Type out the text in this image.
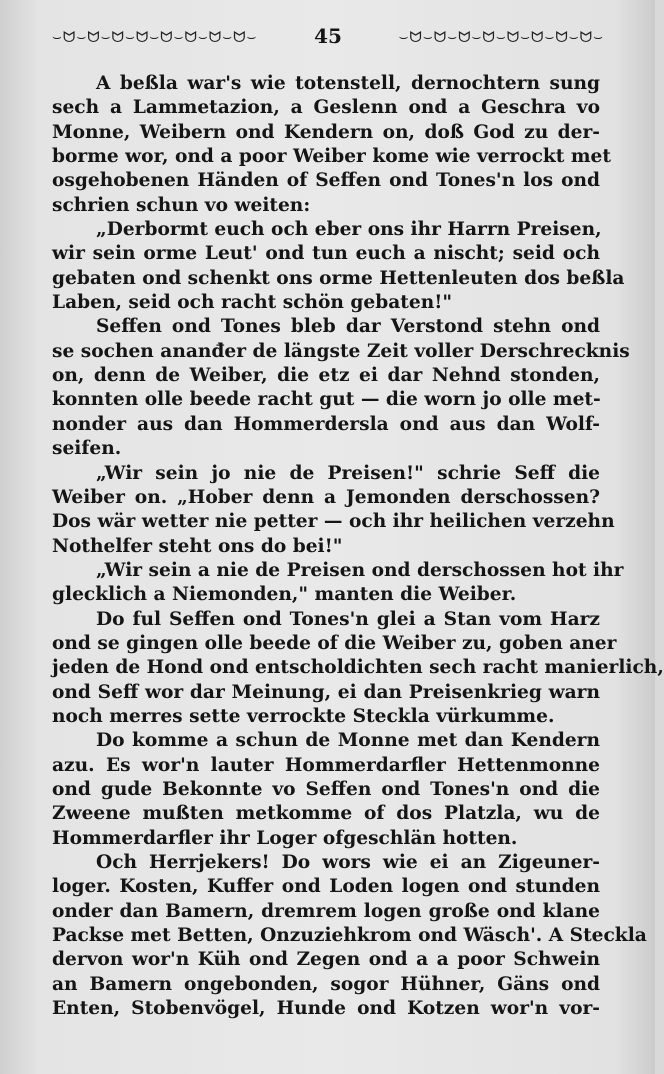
⌣ᗢ⌣ᗢ⌣ᗢ⌣ᗢ⌣ᗢ⌣ᗢ⌣ᗢ⌣ᗢ⌣	45	⌣ᗢ⌣ᗢ⌣ᗢ⌣ᗢ⌣ᗢ⌣ᗢ⌣ᗢ⌣ᗢ⌣
A beßla war's wie totenstell, dernochtern sung
sech a Lammetazion, a Geslenn ond a Geschra vo
Monne, Weibern ond Kendern on, doß God zu der-
borme wor, ond a poor Weiber kome wie verrockt met
osgehobenen Händen of Seffen ond Tones'n los ond
schrien schun vo weiten:
„Derbormt euch och eber ons ihr Harrn Preisen,
wir sein orme Leut' ond tun euch a nischt; seid och
gebaten ond schenkt ons orme Hettenleuten dos beßla
Laben, seid och racht schön gebaten!"
Seffen ond Tones bleb dar Verstond stehn ond
se sochen ananđer de längste Zeit voller Derschrecknis
on, denn de Weiber, die etz ei dar Nehnd stonden,
konnten olle beede racht gut — die worn jo olle met-
nonder aus dan Hommerdersla ond aus dan Wolf-
seifen.
„Wir sein jo nie de Preisen!" schrie Seff die
Weiber on. „Hober denn a Jemonden derschossen?
Dos wär wetter nie petter — och ihr heilichen verzehn
Nothelfer steht ons do bei!"
„Wir sein a nie de Preisen ond derschossen hot ihr
glecklich a Niemonden," manten die Weiber.
Do ful Seffen ond Tones'n glei a Stan vom Harz
ond se gingen olle beede of die Weiber zu, goben aner
jeden de Hond ond entscholdichten sech racht manierlich,
ond Seff wor dar Meinung, ei dan Preisenkrieg warn
noch merres sette verrockte Steckla vürkumme.
Do komme a schun de Monne met dan Kendern
azu. Es wor'n lauter Hommerdarfler Hettenmonne
ond gude Bekonnte vo Seffen ond Tones'n ond die
Zweene mußten metkomme of dos Platzla, wu de
Hommerdarfler ihr Loger ofgeschlän hotten.
Och Herrjekers! Do wors wie ei an Zigeuner-
loger. Kosten, Kuffer ond Loden logen ond stunden
onder dan Bamern, dremrem logen große ond klane
Packse met Betten, Onzuziehkrom ond Wäsch'. A Steckla
dervon wor'n Küh ond Zegen ond a a poor Schwein
an Bamern ongebonden, sogor Hühner, Gäns ond
Enten, Stobenvögel, Hunde ond Kotzen wor'n vor-
